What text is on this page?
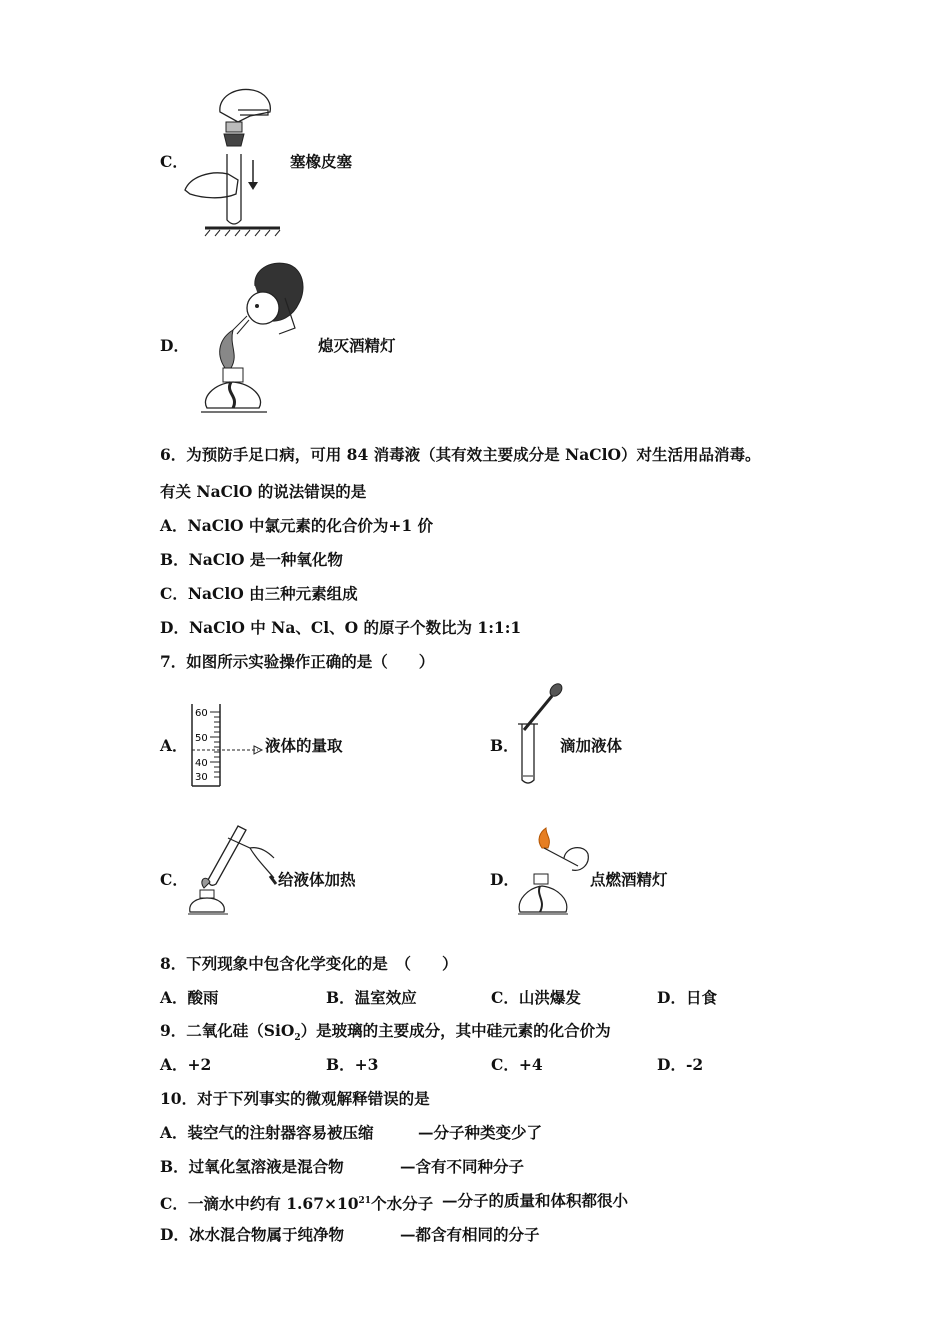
C．	塞橡皮塞
D．	熄灭酒精灯
6．为预防手足口病，可用 84 消毒液（其有效主要成分是 NaClO）对生活用品消毒。
有关 NaClO 的说法错误的是
A．NaClO 中氯元素的化合价为+1 价
B．NaClO 是一种氧化物
C．NaClO 由三种元素组成
D．NaClO 中 Na、Cl、O 的原子个数比为 1:1:1
7．如图所示实验操作正确的是（　　）
A．
60
50
40
30
液体的量取	B．	滴加液体
C．	给液体加热	D．	点燃酒精灯
8．下列现象中包含化学变化的是　（　　）
A．酸雨	B．温室效应	C．山洪爆发	D．日食
9．二氧化硅（SiO$_2$）是玻璃的主要成分，其中硅元素的化合价为
A．+2	B．+3	C．+4	D．-2
10．对于下列事实的微观解释错误的是
A．装空气的注射器容易被压缩	—分子种类变少了
B．过氧化氢溶液是混合物	—含有不同种分子
C．一滴水中约有 $1.67\times 10^{21}$个水分子 —分子的质量和体积都很小
D．冰水混合物属于纯净物	—都含有相同的分子
